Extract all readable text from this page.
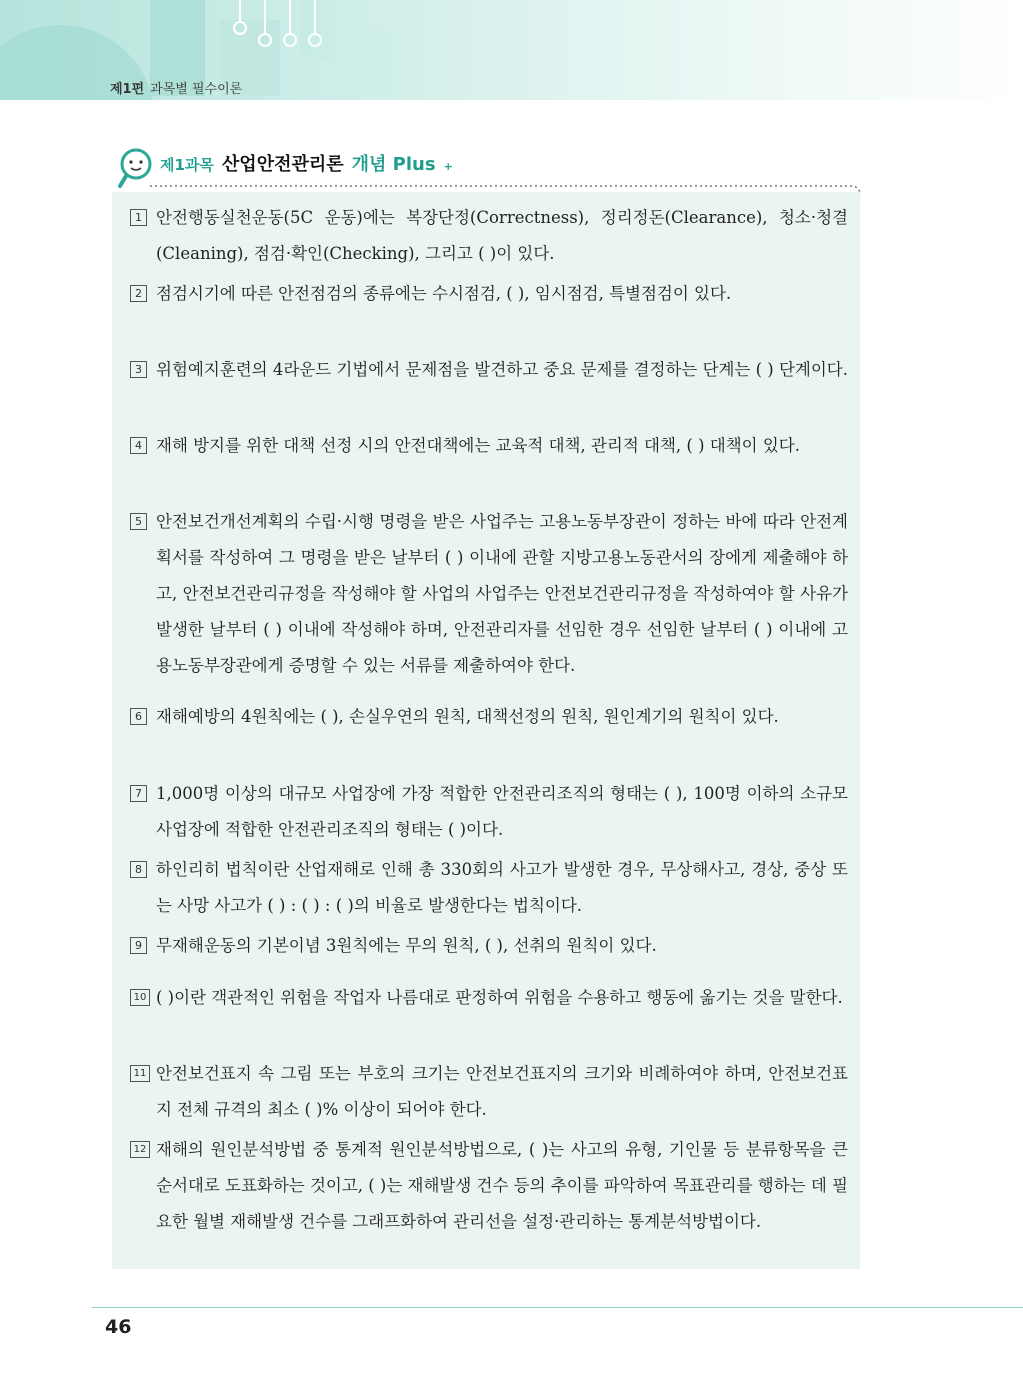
제1편 과목별 필수이론
제1과목 산업안전관리론 개념 Plus +
1 안전행동실천운동(5C 운동)에는 복장단정(Correctness), 정리정돈(Clearance), 청소·청결(Cleaning), 점검·확인(Checking), 그리고 ( )이 있다.
2 점검시기에 따른 안전점검의 종류에는 수시점검, ( ), 임시점검, 특별점검이 있다.
3 위험예지훈련의 4라운드 기법에서 문제점을 발견하고 중요 문제를 결정하는 단계는 ( ) 단계이다.
4 재해 방지를 위한 대책 선정 시의 안전대책에는 교육적 대책, 관리적 대책, ( ) 대책이 있다.
5 안전보건개선계획의 수립·시행 명령을 받은 사업주는 고용노동부장관이 정하는 바에 따라 안전계획서를 작성하여 그 명령을 받은 날부터 ( ) 이내에 관할 지방고용노동관서의 장에게 제출해야 하고, 안전보건관리규정을 작성해야 할 사업의 사업주는 안전보건관리규정을 작성하여야 할 사유가 발생한 날부터 ( ) 이내에 작성해야 하며, 안전관리자를 선임한 경우 선임한 날부터 ( ) 이내에 고용노동부장관에게 증명할 수 있는 서류를 제출하여야 한다.
6 재해예방의 4원칙에는 ( ), 손실우연의 원칙, 대책선정의 원칙, 원인계기의 원칙이 있다.
7 1,000명 이상의 대규모 사업장에 가장 적합한 안전관리조직의 형태는 ( ), 100명 이하의 소규모 사업장에 적합한 안전관리조직의 형태는 ( )이다.
8 하인리히 법칙이란 산업재해로 인해 총 330회의 사고가 발생한 경우, 무상해사고, 경상, 중상 또는 사망 사고가 ( ) : ( ) : ( )의 비율로 발생한다는 법칙이다.
9 무재해운동의 기본이념 3원칙에는 무의 원칙, ( ), 선취의 원칙이 있다.
10 ( )이란 객관적인 위험을 작업자 나름대로 판정하여 위험을 수용하고 행동에 옮기는 것을 말한다.
11 안전보건표지 속 그림 또는 부호의 크기는 안전보건표지의 크기와 비례하여야 하며, 안전보건표지 전체 규격의 최소 ( )% 이상이 되어야 한다.
12 재해의 원인분석방법 중 통계적 원인분석방법으로, ( )는 사고의 유형, 기인물 등 분류항목을 큰 순서대로 도표화하는 것이고, ( )는 재해발생 건수 등의 추이를 파악하여 목표관리를 행하는 데 필요한 월별 재해발생 건수를 그래프화하여 관리선을 설정·관리하는 통계분석방법이다.
46
